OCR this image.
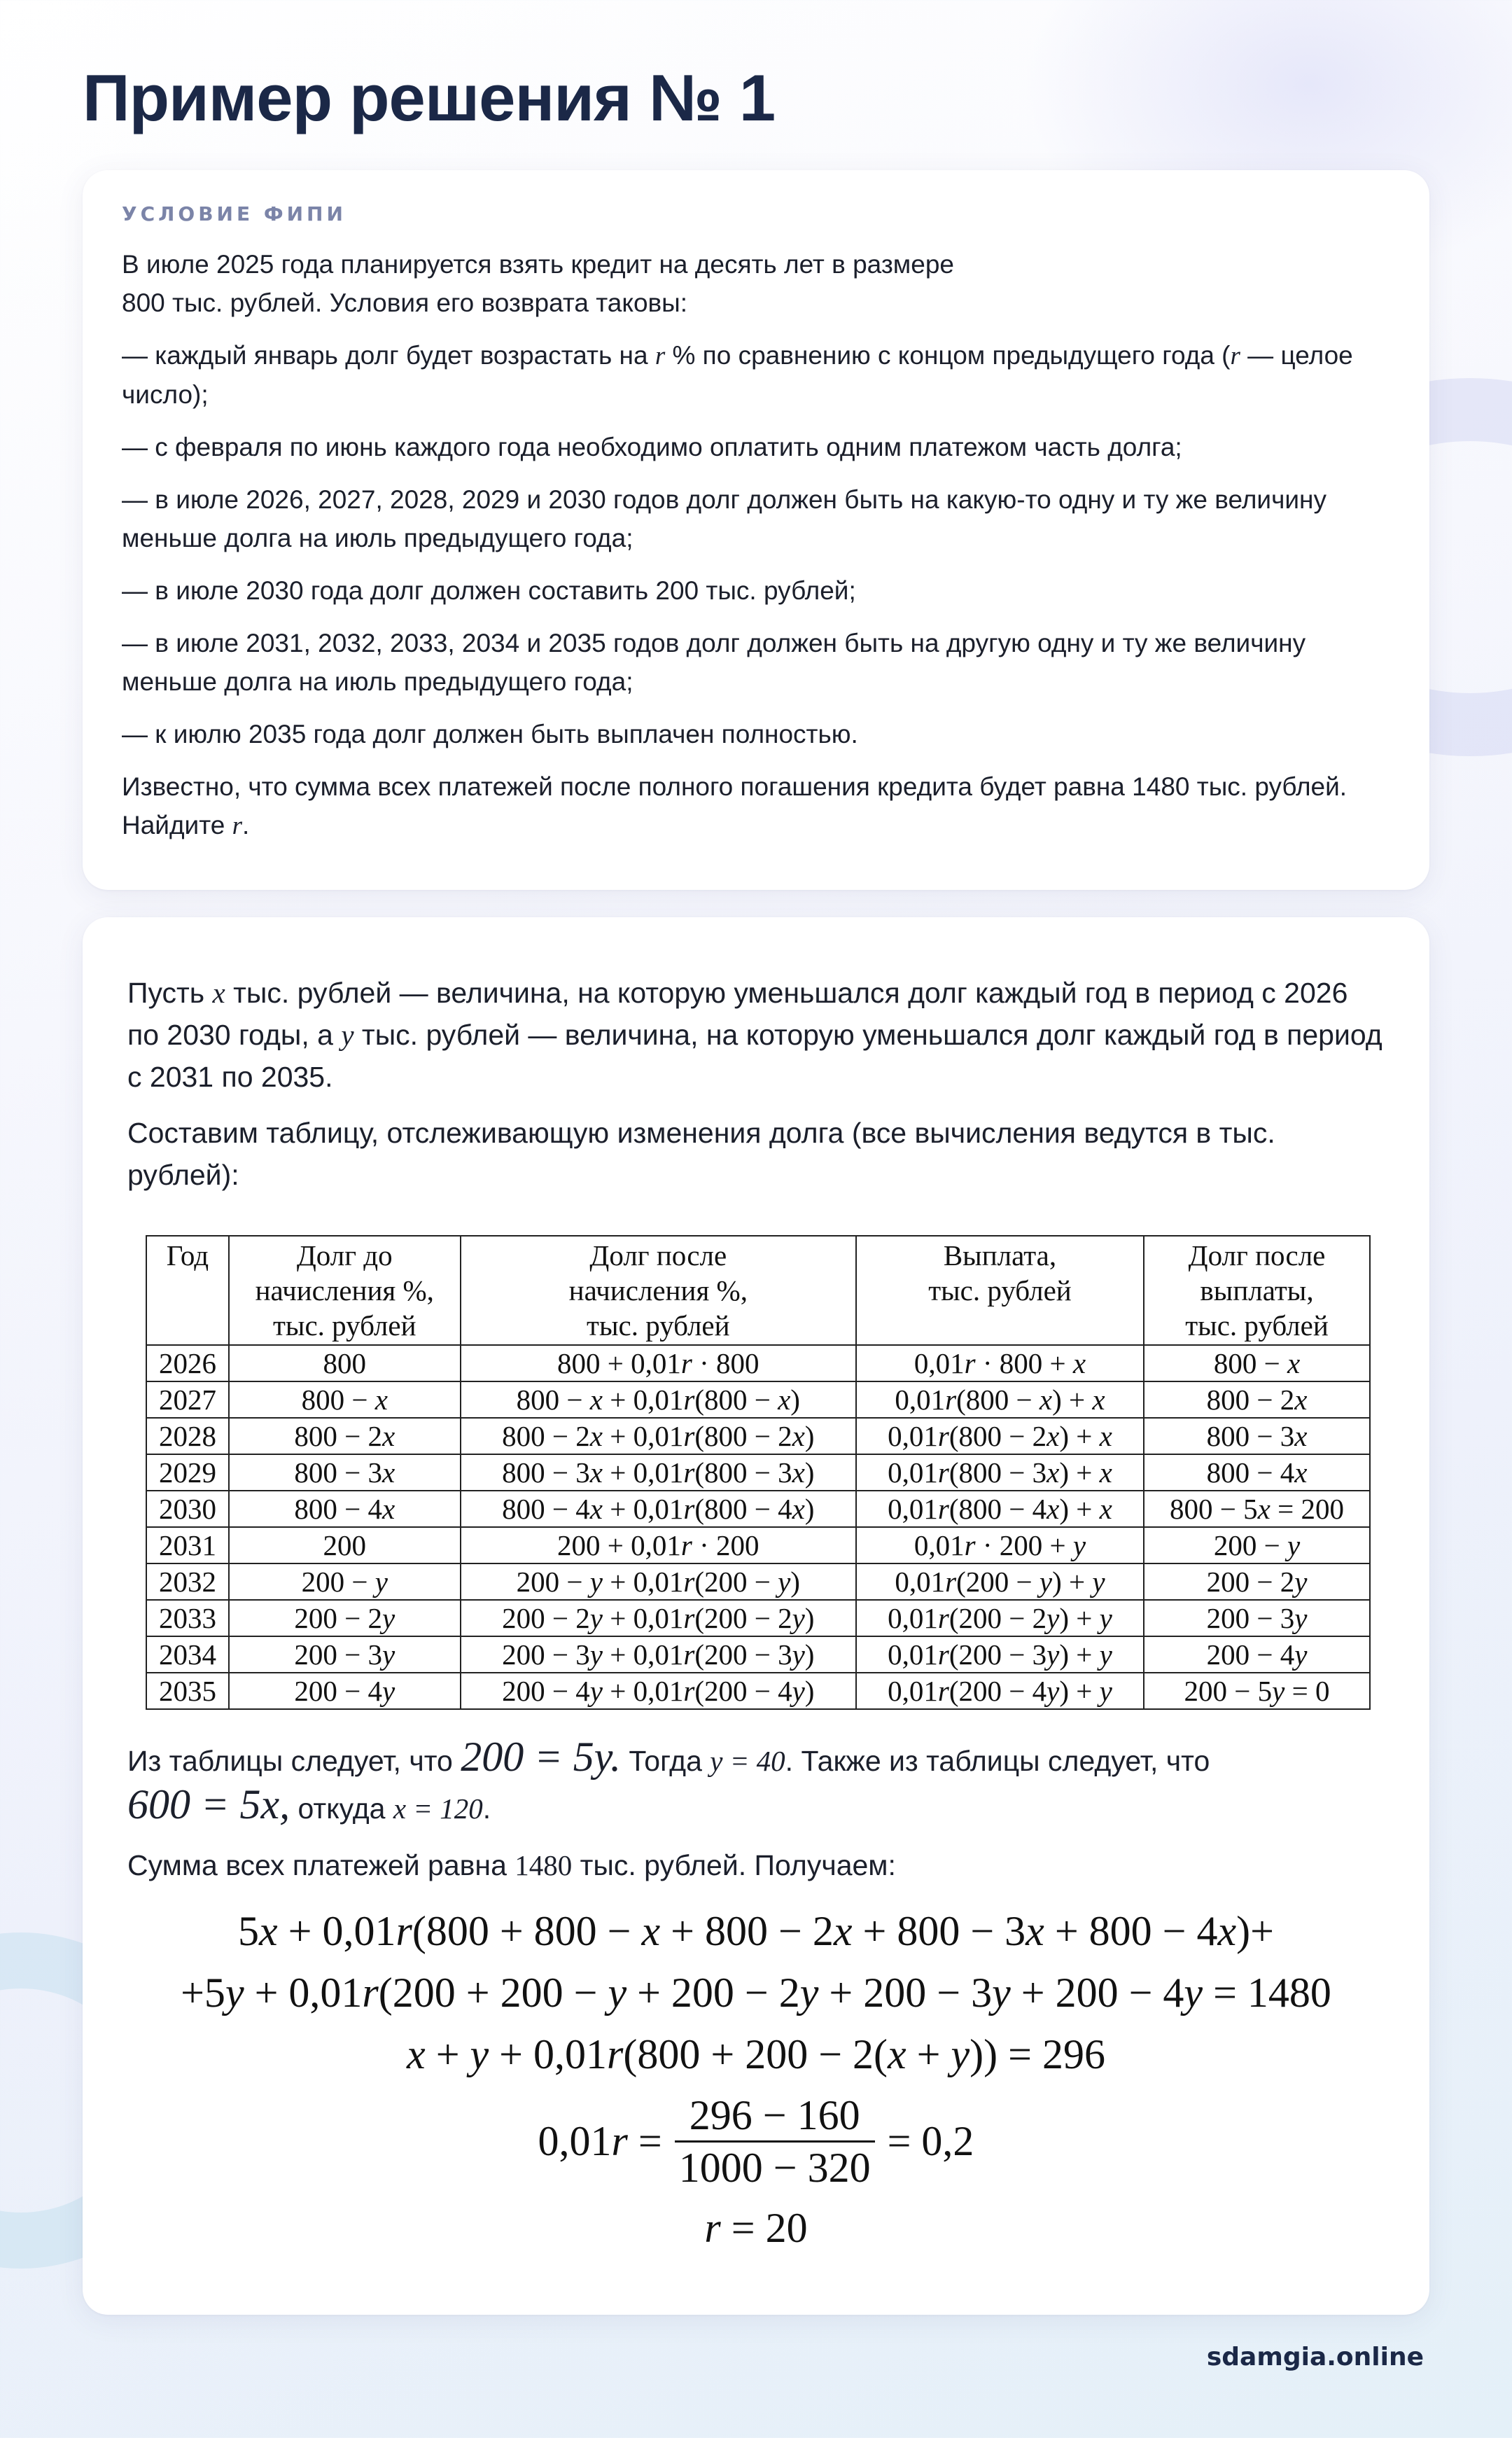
Пример решения № 1
УСЛОВИЕ ФИПИ

В июле 2025 года планируется взять кредит на десять лет в размере
800 тыс. рублей. Условия его возврата таковы:

— каждый январь долг будет возрастать на r % по сравнению с концом предыдущего года (r — целое число);

— с февраля по июнь каждого года необходимо оплатить одним платежом часть долга;

— в июле 2026, 2027, 2028, 2029 и 2030 годов долг должен быть на какую-то одну и ту же величину меньше долга на июль предыдущего года;

— в июле 2030 года долг должен составить 200 тыс. рублей;

— в июле 2031, 2032, 2033, 2034 и 2035 годов долг должен быть на другую одну и ту же величину меньше долга на июль предыдущего года;

— к июлю 2035 года долг должен быть выплачен полностью.

Известно, что сумма всех платежей после полного погашения кредита будет равна 1480 тыс. рублей. Найдите r.

Пусть x тыс. рублей — величина, на которую уменьшался долг каждый год в период с 2026 по 2030 годы, а y тыс. рублей — величина, на которую уменьшался долг каждый год в период с 2031 по 2035.

Составим таблицу, отслеживающую изменения долга (все вычисления ведутся в тыс. рублей):

Год	Долг до
начисления %,
тыс. рублей	Долг после
начисления %,
тыс. рублей	Выплата,
тыс. рублей	Долг после
выплаты,
тыс. рублей
2026	800	800 + 0,01r · 800	0,01r · 800 + x	800 − x
2027	800 − x	800 − x + 0,01r(800 − x)	0,01r(800 − x) + x	800 − 2x
2028	800 − 2x	800 − 2x + 0,01r(800 − 2x)	0,01r(800 − 2x) + x	800 − 3x
2029	800 − 3x	800 − 3x + 0,01r(800 − 3x)	0,01r(800 − 3x) + x	800 − 4x
2030	800 − 4x	800 − 4x + 0,01r(800 − 4x)	0,01r(800 − 4x) + x	800 − 5x = 200
2031	200	200 + 0,01r · 200	0,01r · 200 + y	200 − y
2032	200 − y	200 − y + 0,01r(200 − y)	0,01r(200 − y) + y	200 − 2y
2033	200 − 2y	200 − 2y + 0,01r(200 − 2y)	0,01r(200 − 2y) + y	200 − 3y
2034	200 − 3y	200 − 3y + 0,01r(200 − 3y)	0,01r(200 − 3y) + y	200 − 4y
2035	200 − 4y	200 − 4y + 0,01r(200 − 4y)	0,01r(200 − 4y) + y	200 − 5y = 0

Из таблицы следует, что 200 = 5y. Тогда y = 40. Также из таблицы следует, что
600 = 5x, откуда x = 120.

Сумма всех платежей равна 1480 тыс. рублей. Получаем:

5x + 0,01r(800 + 800 − x + 800 − 2x + 800 − 3x + 800 − 4x)+
+5y + 0,01r(200 + 200 − y + 200 − 2y + 200 − 3y + 200 − 4y = 1480
x + y + 0,01r(800 + 200 − 2(x + y)) = 296
$0,01r = \frac{296 - 160}{1000 - 320} = 0,2$
r = 20
sdamgia.online
